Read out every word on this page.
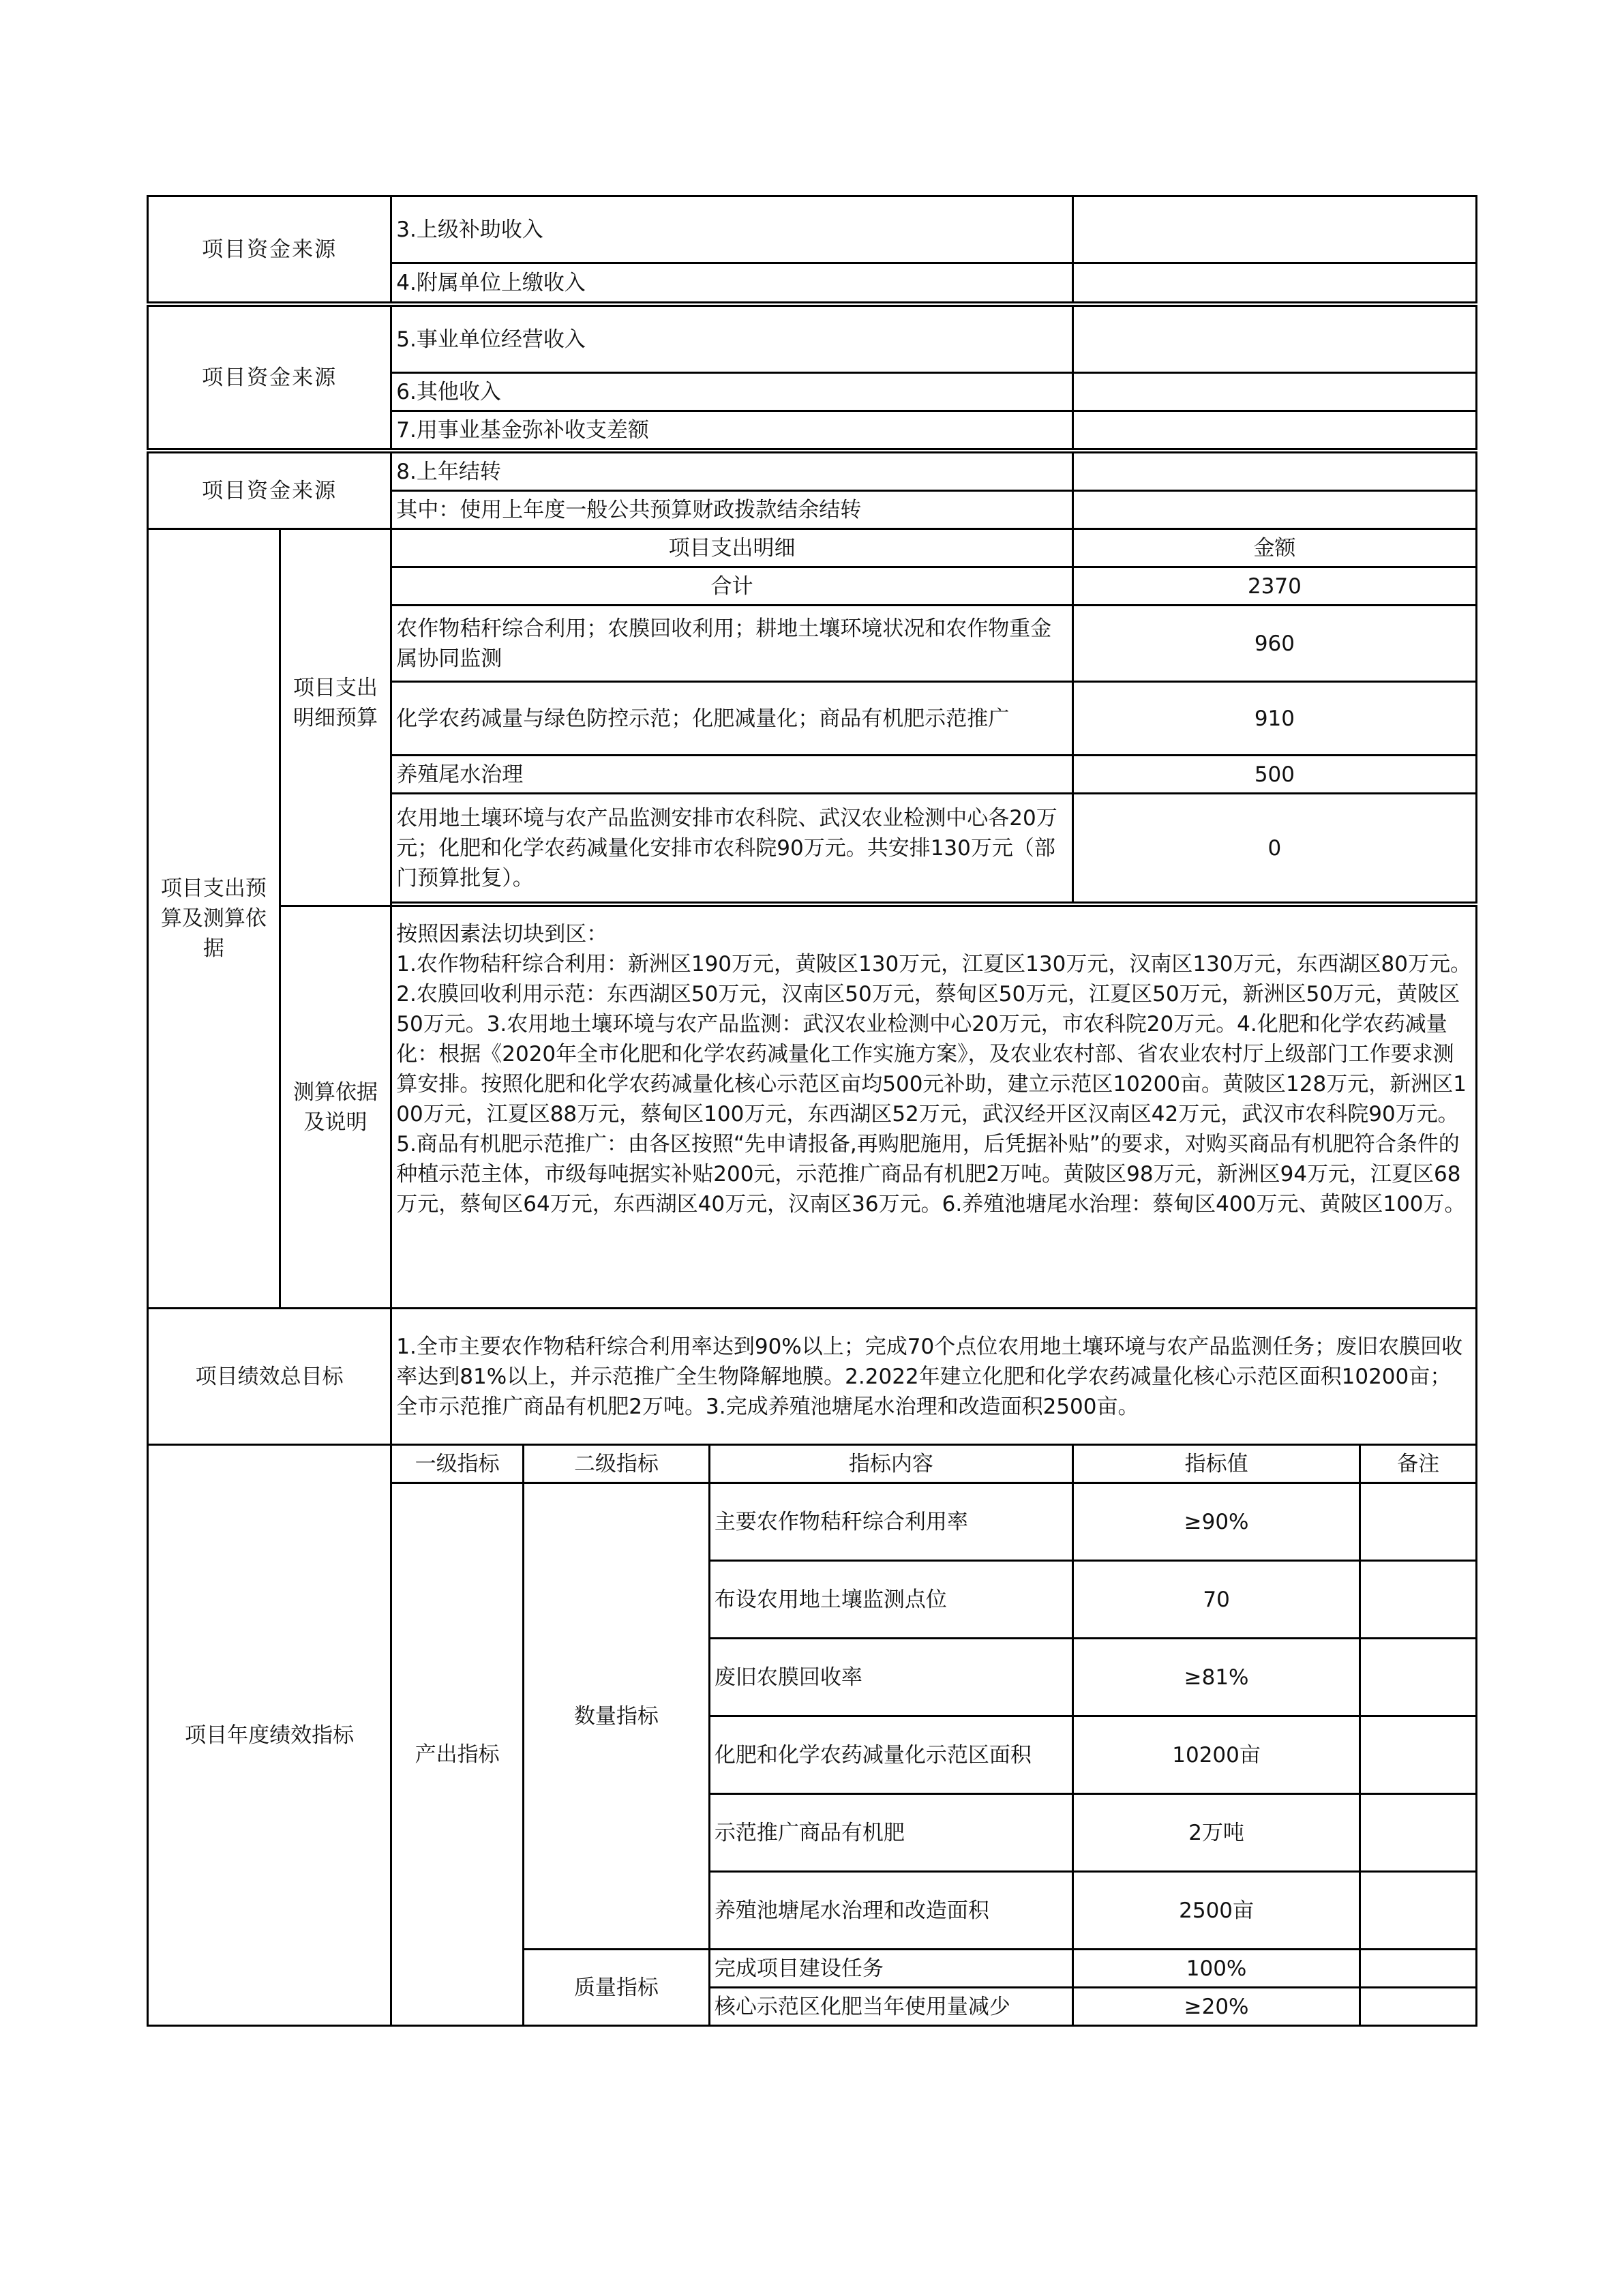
项目资金来源		3.上级补助收入				
		4.附属单位上缴收入				

项目资金来源		5.事业单位经营收入				
		6.其他收入				
		7.用事业基金弥补收支差额				

项目资金来源		8.上年结转				
		其中：使用上年度一般公共预算财政拨款结余结转				
项目支出预算及测算依据	项目支出明细预算	项目支出明细			金额	
		合计			2370	
		农作物秸秆综合利用；农膜回收利用；耕地土壤环境状况和农作物重金属协同监测			960	
		化学农药减量与绿色防控示范；化肥减量化；商品有机肥示范推广			910	
		养殖尾水治理			500	
		农用地土壤环境与农产品监测安排市农科院、武汉农业检测中心各20万元；化肥和化学农药减量化安排市农科院90万元。共安排130万元（部门预算批复）。			0	

	测算依据及说明	按照因素法切块到区：
1.农作物秸秆综合利用：新洲区190万元，黄陂区130万元，江夏区130万元，汉南区130万元，东西湖区80万元。2.农膜回收利用示范：东西湖区50万元，汉南区50万元，蔡甸区50万元，江夏区50万元，新洲区50万元，黄陂区50万元。3.农用地土壤环境与农产品监测：武汉农业检测中心20万元，市农科院20万元。4.化肥和化学农药减量化：根据《2020年全市化肥和化学农药减量化工作实施方案》，及农业农村部、省农业农村厅上级部门工作要求测算安排。按照化肥和化学农药减量化核心示范区亩均500元补助，建立示范区10200亩。黄陂区128万元，新洲区100万元，江夏区88万元，蔡甸区100万元，东西湖区52万元，武汉经开区汉南区42万元，武汉市农科院90万元。5.商品有机肥示范推广：由各区按照“先申请报备,再购肥施用，后凭据补贴”的要求，对购买商品有机肥符合条件的种植示范主体，市级每吨据实补贴200元，示范推广商品有机肥2万吨。黄陂区98万元，新洲区94万元，江夏区68万元，蔡甸区64万元，东西湖区40万元，汉南区36万元。6.养殖池塘尾水治理：蔡甸区400万元、黄陂区100万。				
项目绩效总目标		1.全市主要农作物秸秆综合利用率达到90%以上；完成70个点位农用地土壤环境与农产品监测任务；废旧农膜回收率达到81%以上，并示范推广全生物降解地膜。2.2022年建立化肥和化学农药减量化核心示范区面积10200亩；全市示范推广商品有机肥2万吨。3.完成养殖池塘尾水治理和改造面积2500亩。				
项目年度绩效指标		一级指标	二级指标	指标内容	指标值	备注
		产出指标	数量指标	主要农作物秸秆综合利用率	≥90%	
				布设农用地土壤监测点位	70	
				废旧农膜回收率	≥81%	
				化肥和化学农药减量化示范区面积	10200亩	
				示范推广商品有机肥	2万吨	
				养殖池塘尾水治理和改造面积	2500亩	
			质量指标	完成项目建设任务	100%	
				核心示范区化肥当年使用量减少	≥20%	
